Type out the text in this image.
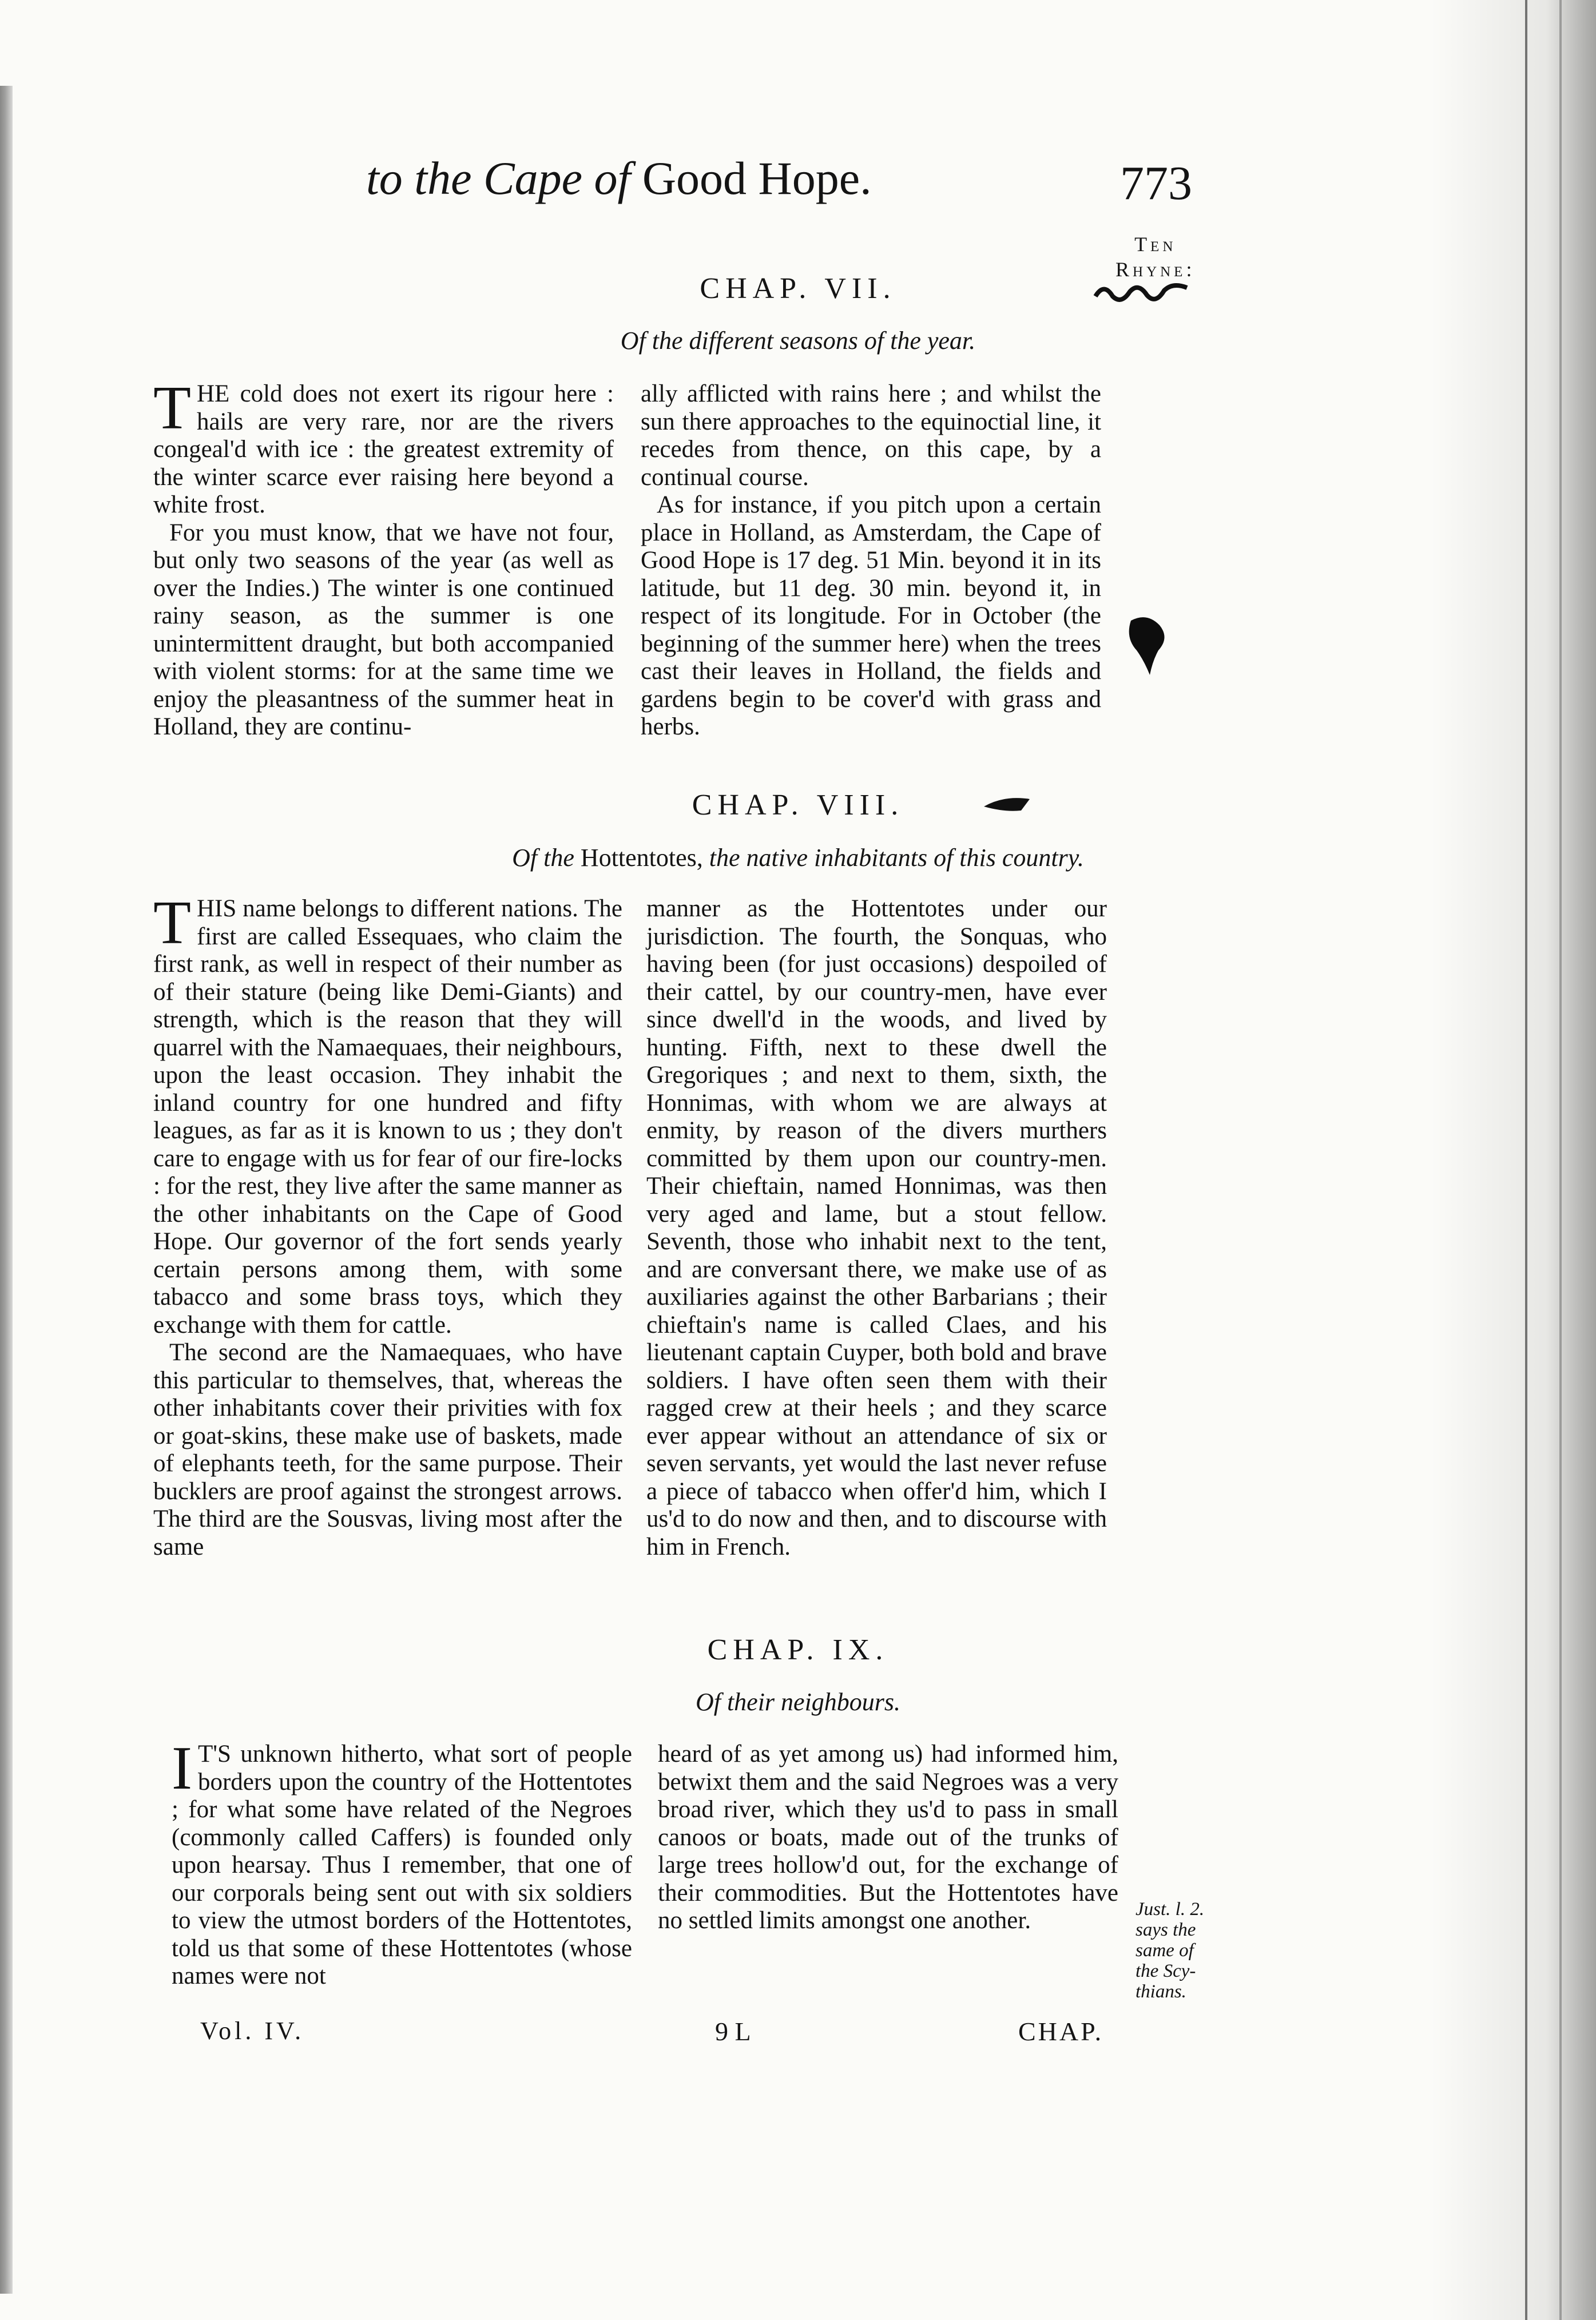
to the Cape of Good Hope.	773
Ten
Rhyne:
CHAP. VII.
Of the different seasons of the year.
T HE cold does not exert its rigour here : hails are very rare, nor are the rivers congeal'd with ice : the greatest extremity of the winter scarce ever raising here beyond a white frost.

For you must know, that we have not four, but only two seasons of the year (as well as over the Indies.) The winter is one continued rainy season, as the summer is one unintermittent draught, but both accompanied with violent storms: for at the same time we enjoy the pleasantness of the summer heat in Holland, they are continu-

ally afflicted with rains here ; and whilst the sun there approaches to the equinoctial line, it recedes from thence, on this cape, by a continual course.

As for instance, if you pitch upon a certain place in Holland, as Amsterdam, the Cape of Good Hope is 17 deg. 51 Min. beyond it in its latitude, but 11 deg. 30 min. beyond it, in respect of its longitude. For in October (the beginning of the summer here) when the trees cast their leaves in Holland, the fields and gardens begin to be cover'd with grass and herbs.

CHAP. VIII.
Of the Hottentotes, the native inhabitants of this country.
T HIS name belongs to different nations. The first are called Essequaes, who claim the first rank, as well in respect of their number as of their stature (being like Demi-Giants) and strength, which is the reason that they will quarrel with the Namaequaes, their neighbours, upon the least occasion. They inhabit the inland country for one hundred and fifty leagues, as far as it is known to us ; they don't care to engage with us for fear of our fire-locks : for the rest, they live after the same manner as the other inhabitants on the Cape of Good Hope. Our governor of the fort sends yearly certain persons among them, with some tabacco and some brass toys, which they exchange with them for cattle.

The second are the Namaequaes, who have this particular to themselves, that, whereas the other inhabitants cover their privities with fox or goat-skins, these make use of baskets, made of elephants teeth, for the same purpose. Their bucklers are proof against the strongest arrows. The third are the Sousvas, living most after the same

manner as the Hottentotes under our jurisdiction. The fourth, the Sonquas, who having been (for just occasions) despoiled of their cattel, by our country-men, have ever since dwell'd in the woods, and lived by hunting. Fifth, next to these dwell the Gregoriques ; and next to them, sixth, the Honnimas, with whom we are always at enmity, by reason of the divers murthers committed by them upon our country-men. Their chieftain, named Honnimas, was then very aged and lame, but a stout fellow. Seventh, those who inhabit next to the tent, and are conversant there, we make use of as auxiliaries against the other Barbarians ; their chieftain's name is called Claes, and his lieutenant captain Cuyper, both bold and brave soldiers. I have often seen them with their ragged crew at their heels ; and they scarce ever appear without an attendance of six or seven servants, yet would the last never refuse a piece of tabacco when offer'd him, which I us'd to do now and then, and to discourse with him in French.

CHAP. IX.
Of their neighbours.
I T'S unknown hitherto, what sort of people borders upon the country of the Hottentotes ; for what some have related of the Negroes (commonly called Caffers) is founded only upon hearsay. Thus I remember, that one of our corporals being sent out with six soldiers to view the utmost borders of the Hottentotes, told us that some of these Hottentotes (whose names were not

heard of as yet among us) had informed him, betwixt them and the said Negroes was a very broad river, which they us'd to pass in small canoos or boats, made out of the trunks of large trees hollow'd out, for the exchange of their commodities. But the Hottentotes have no settled limits amongst one another.	Just. l. 2.
says the
same of
the Scy-
thians.
Vol. IV.	9 L	CHAP.
